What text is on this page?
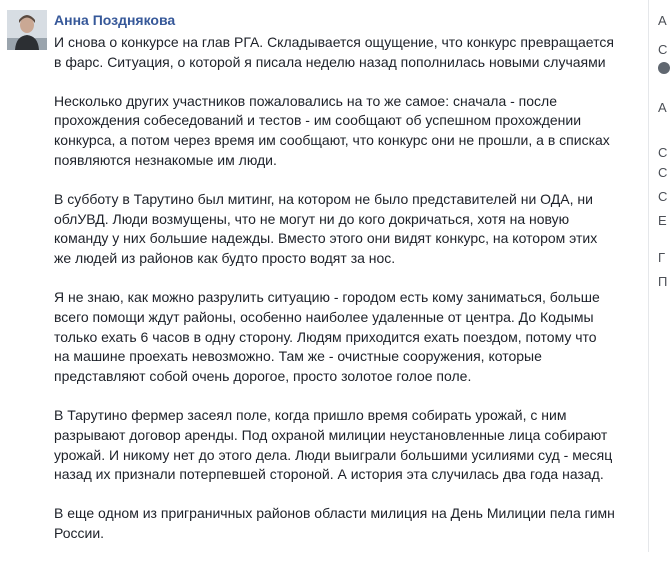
Анна Позднякова

И снова о конкурсе на глав РГА. Складывается ощущение, что конкурс превращается
в фарс. Ситуация, о которой я писала неделю назад пополнилась новыми случаями

Несколько других участников пожаловались на то же самое: сначала - после
прохождения собеседований и тестов - им сообщают об успешном прохождении
конкурса, а потом через время им сообщают, что конкурс они не прошли, а в списках
появляются незнакомые им люди.

В субботу в Тарутино был митинг, на котором не было представителей ни ОДА, ни
облУВД. Люди возмущены, что не могут ни до кого докричаться, хотя на новую
команду у них большие надежды. Вместо этого они видят конкурс, на котором этих
же людей из районов как будто просто водят за нос.

Я не знаю, как можно разрулить ситуацию - городом есть кому заниматься, больше
всего помощи ждут районы, особенно наиболее удаленные от центра. До Кодымы
только ехать 6 часов в одну сторону. Людям приходится ехать поездом, потому что
на машине проехать невозможно. Там же - очистные сооружения, которые
представляют собой очень дорогое, просто золотое голое поле.

В Тарутино фермер засеял поле, когда пришло время собирать урожай, с ним
разрывают договор аренды. Под охраной милиции неустановленные лица собирают
урожай. И никому нет до этого дела. Люди выиграли большими усилиями суд - месяц
назад их признали потерпевшей стороной. А история эта случилась два года назад.

В еще одном из приграничных районов области милиция на День Милиции пела гимн
России.

А
С
А
С
С
С
Е
Г
П
